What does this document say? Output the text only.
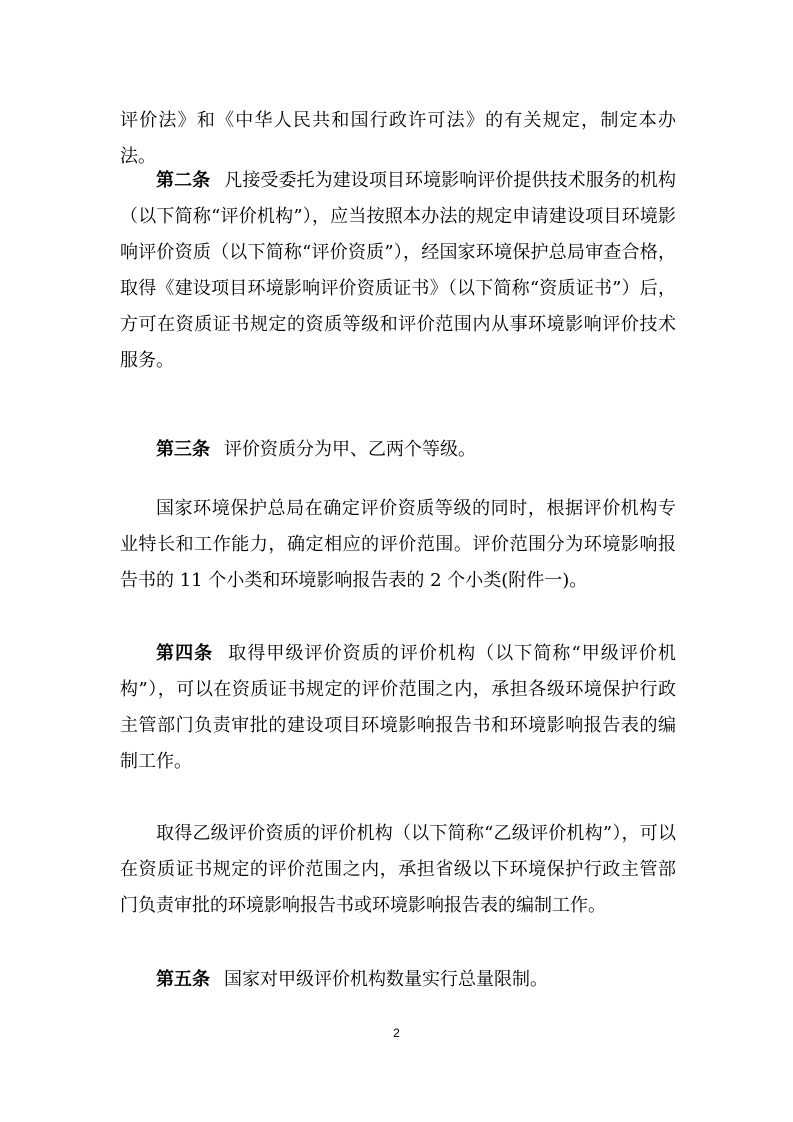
评价法》和《中华人民共和国行政许可法》的有关规定，制定本办法。

第二条 凡接受委托为建设项目环境影响评价提供技术服务的机构（以下简称“评价机构”），应当按照本办法的规定申请建设项目环境影响评价资质（以下简称“评价资质”），经国家环境保护总局审查合格，取得《建设项目环境影响评价资质证书》（以下简称“资质证书”）后，方可在资质证书规定的资质等级和评价范围内从事环境影响评价技术服务。

第三条 评价资质分为甲、乙两个等级。

国家环境保护总局在确定评价资质等级的同时，根据评价机构专业特长和工作能力，确定相应的评价范围。评价范围分为环境影响报告书的 11 个小类和环境影响报告表的 2 个小类(附件一)。

第四条 取得甲级评价资质的评价机构（以下简称“甲级评价机构”），可以在资质证书规定的评价范围之内，承担各级环境保护行政主管部门负责审批的建设项目环境影响报告书和环境影响报告表的编制工作。

取得乙级评价资质的评价机构（以下简称“乙级评价机构”），可以在资质证书规定的评价范围之内，承担省级以下环境保护行政主管部门负责审批的环境影响报告书或环境影响报告表的编制工作。

第五条 国家对甲级评价机构数量实行总量限制。

2
